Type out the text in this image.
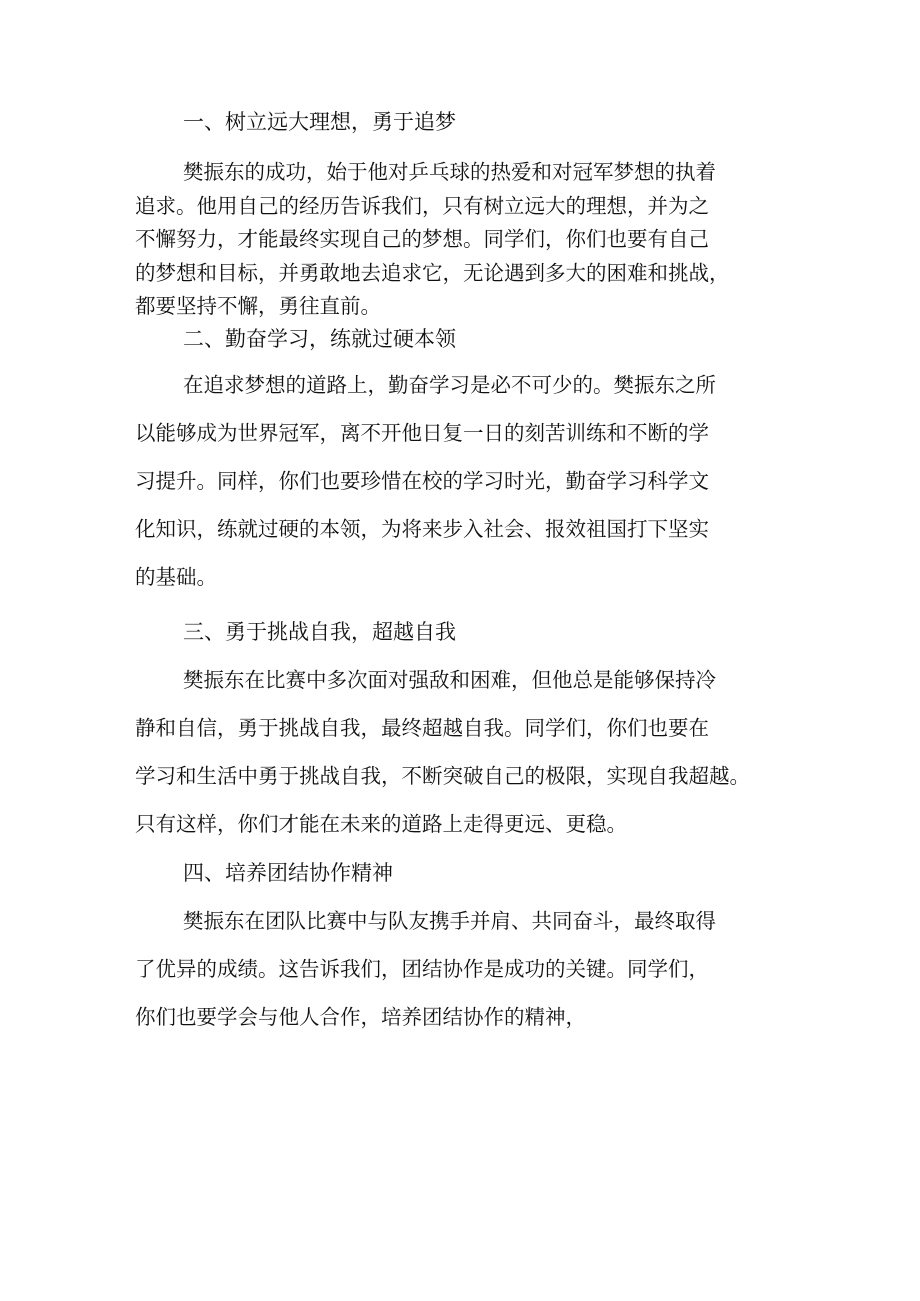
一、树立远大理想，勇于追梦
樊振东的成功，始于他对乒乓球的热爱和对冠军梦想的执着
追求。他用自己的经历告诉我们，只有树立远大的理想，并为之
不懈努力，才能最终实现自己的梦想。同学们，你们也要有自己
的梦想和目标，并勇敢地去追求它，无论遇到多大的困难和挑战，
都要坚持不懈，勇往直前。
二、勤奋学习，练就过硬本领
在追求梦想的道路上，勤奋学习是必不可少的。樊振东之所
以能够成为世界冠军，离不开他日复一日的刻苦训练和不断的学
习提升。同样，你们也要珍惜在校的学习时光，勤奋学习科学文
化知识，练就过硬的本领，为将来步入社会、报效祖国打下坚实
的基础。
三、勇于挑战自我，超越自我
樊振东在比赛中多次面对强敌和困难，但他总是能够保持冷
静和自信，勇于挑战自我，最终超越自我。同学们，你们也要在
学习和生活中勇于挑战自我，不断突破自己的极限，实现自我超越。
只有这样，你们才能在未来的道路上走得更远、更稳。
四、培养团结协作精神
樊振东在团队比赛中与队友携手并肩、共同奋斗，最终取得
了优异的成绩。这告诉我们，团结协作是成功的关键。同学们，
你们也要学会与他人合作，培养团结协作的精神，
